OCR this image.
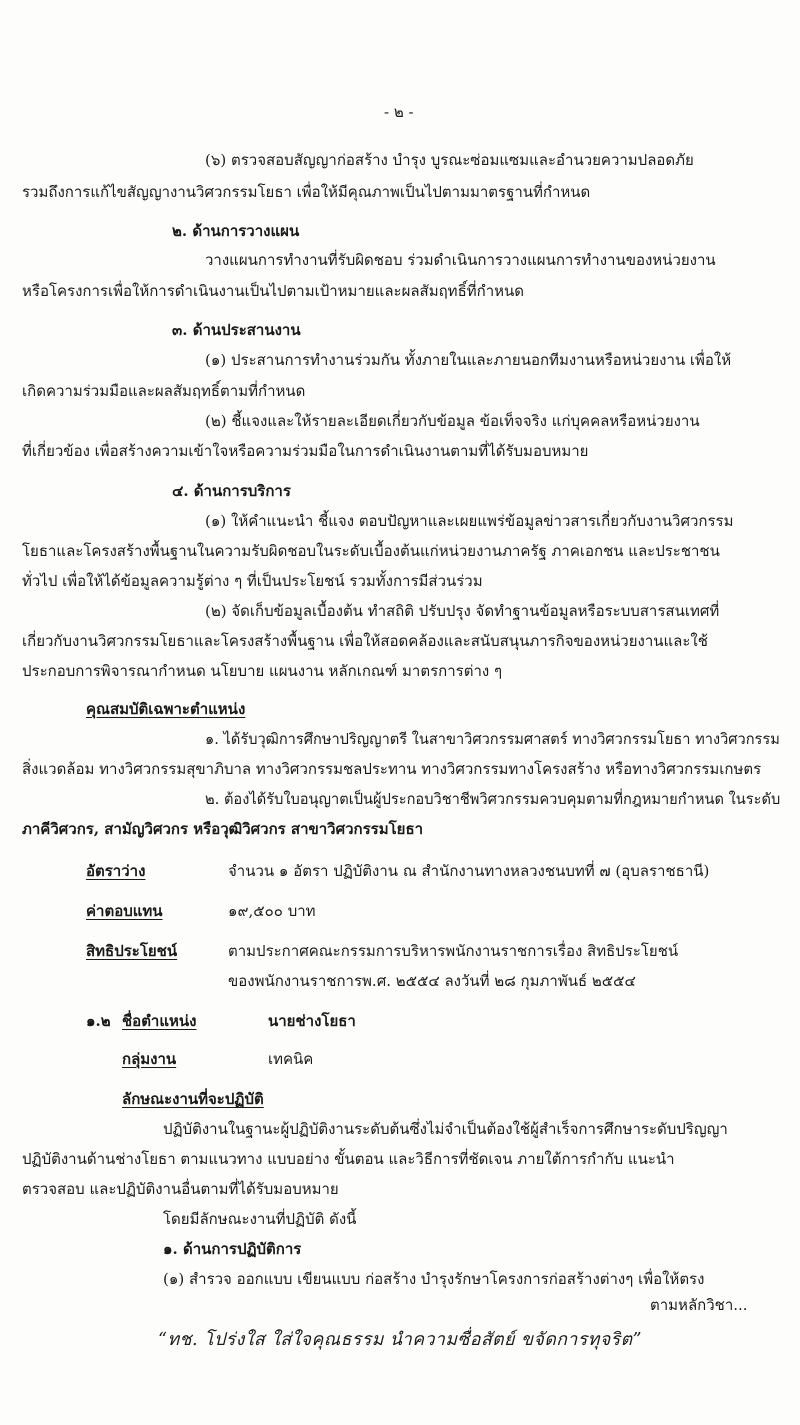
- ๒ -
(๖) ตรวจสอบสัญญาก่อสร้าง บำรุง บูรณะซ่อมแซมและอำนวยความปลอดภัย
รวมถึงการแก้ไขสัญญางานวิศวกรรมโยธา เพื่อให้มีคุณภาพเป็นไปตามมาตรฐานที่กำหนด
๒. ด้านการวางแผน
วางแผนการทำงานที่รับผิดชอบ ร่วมดำเนินการวางแผนการทำงานของหน่วยงาน
หรือโครงการเพื่อให้การดำเนินงานเป็นไปตามเป้าหมายและผลสัมฤทธิ์ที่กำหนด
๓. ด้านประสานงาน
(๑) ประสานการทำงานร่วมกัน ทั้งภายในและภายนอกทีมงานหรือหน่วยงาน เพื่อให้
เกิดความร่วมมือและผลสัมฤทธิ์ตามที่กำหนด
(๒) ชี้แจงและให้รายละเอียดเกี่ยวกับข้อมูล ข้อเท็จจริง แก่บุคคลหรือหน่วยงาน
ที่เกี่ยวข้อง เพื่อสร้างความเข้าใจหรือความร่วมมือในการดำเนินงานตามที่ได้รับมอบหมาย
๔. ด้านการบริการ
(๑) ให้คำแนะนำ ชี้แจง ตอบปัญหาและเผยแพร่ข้อมูลข่าวสารเกี่ยวกับงานวิศวกรรม
โยธาและโครงสร้างพื้นฐานในความรับผิดชอบในระดับเบื้องต้นแก่หน่วยงานภาครัฐ ภาคเอกชน และประชาชน
ทั่วไป เพื่อให้ได้ข้อมูลความรู้ต่าง ๆ ที่เป็นประโยชน์ รวมทั้งการมีส่วนร่วม
(๒) จัดเก็บข้อมูลเบื้องต้น ทำสถิติ ปรับปรุง จัดทำฐานข้อมูลหรือระบบสารสนเทศที่
เกี่ยวกับงานวิศวกรรมโยธาและโครงสร้างพื้นฐาน เพื่อให้สอดคล้องและสนับสนุนภารกิจของหน่วยงานและใช้
ประกอบการพิจารณากำหนด นโยบาย แผนงาน หลักเกณฑ์ มาตรการต่าง ๆ
คุณสมบัติเฉพาะตำแหน่ง
๑. ได้รับวุฒิการศึกษาปริญญาตรี ในสาขาวิศวกรรมศาสตร์ ทางวิศวกรรมโยธา ทางวิศวกรรม
สิ่งแวดล้อม ทางวิศวกรรมสุขาภิบาล ทางวิศวกรรมชลประทาน ทางวิศวกรรมทางโครงสร้าง หรือทางวิศวกรรมเกษตร
๒. ต้องได้รับใบอนุญาตเป็นผู้ประกอบวิชาชีพวิศวกรรมควบคุมตามที่กฎหมายกำหนด ในระดับ
ภาคีวิศวกร, สามัญวิศวกร หรือวุฒิวิศวกร สาขาวิศวกรรมโยธา
อัตราว่าง	จำนวน ๑ อัตรา ปฏิบัติงาน ณ สำนักงานทางหลวงชนบทที่ ๗ (อุบลราชธานี)
ค่าตอบแทน	๑๙,๕๐๐ บาท
สิทธิประโยชน์	ตามประกาศคณะกรรมการบริหารพนักงานราชการเรื่อง สิทธิประโยชน์
ของพนักงานราชการพ.ศ. ๒๕๕๔ ลงวันที่ ๒๘ กุมภาพันธ์ ๒๕๕๔
๑.๒ ชื่อตำแหน่ง	นายช่างโยธา
กลุ่มงาน	เทคนิค
ลักษณะงานที่จะปฏิบัติ
ปฏิบัติงานในฐานะผู้ปฏิบัติงานระดับต้นซึ่งไม่จำเป็นต้องใช้ผู้สำเร็จการศึกษาระดับปริญญา
ปฏิบัติงานด้านช่างโยธา ตามแนวทาง แบบอย่าง ขั้นตอน และวิธีการที่ชัดเจน ภายใต้การกำกับ แนะนำ
ตรวจสอบ และปฏิบัติงานอื่นตามที่ได้รับมอบหมาย
โดยมีลักษณะงานที่ปฏิบัติ ดังนี้
๑. ด้านการปฏิบัติการ
(๑) สำรวจ ออกแบบ เขียนแบบ ก่อสร้าง บำรุงรักษาโครงการก่อสร้างต่างๆ เพื่อให้ตรง
ตามหลักวิชา...
“ทช. โปร่งใส ใส่ใจคุณธรรม นำความซื่อสัตย์ ขจัดการทุจริต”
